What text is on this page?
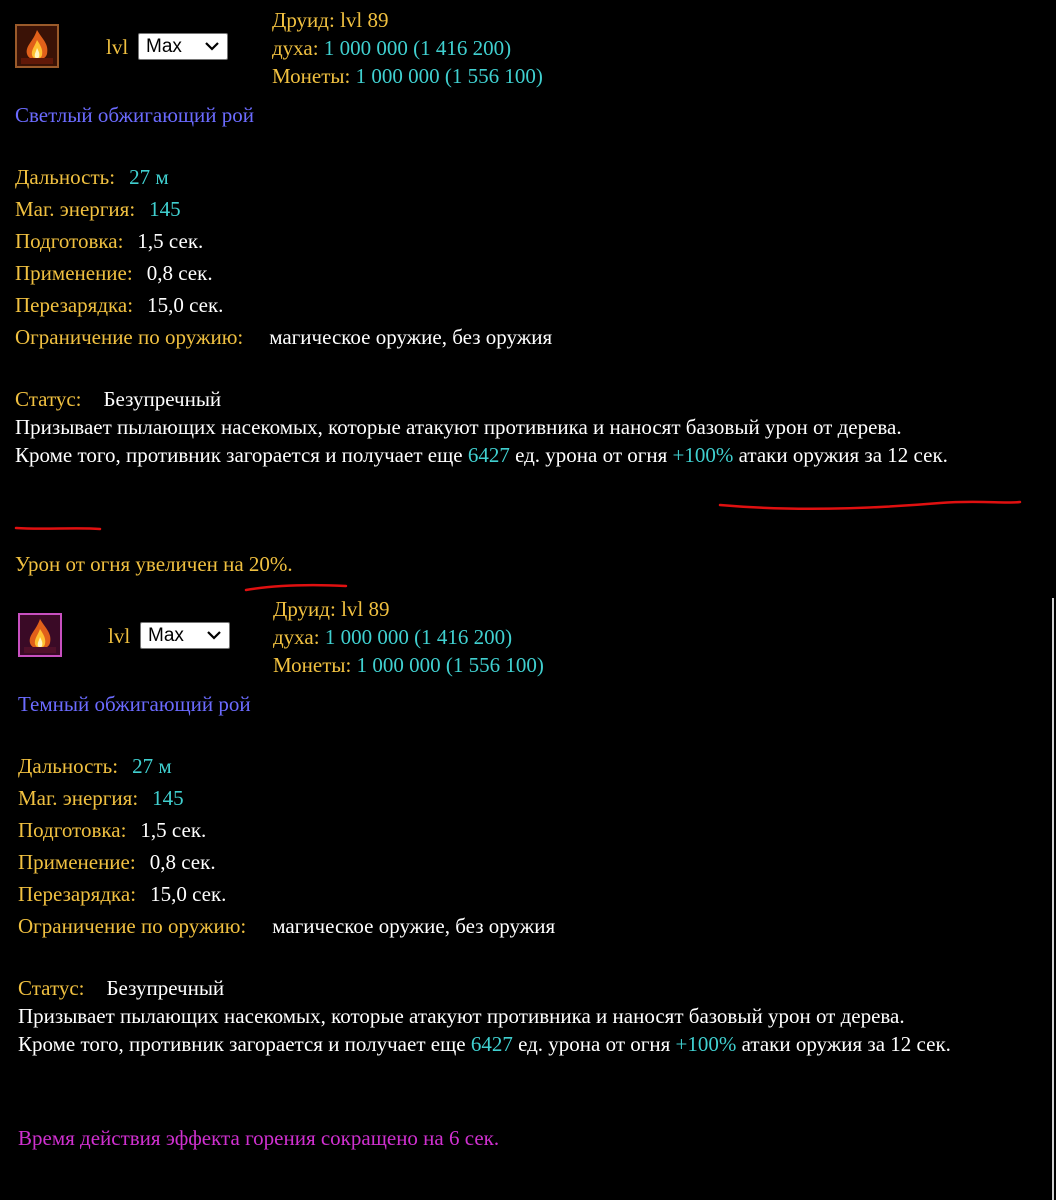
lvl Max
Друид: lvl 89
духа: 1 000 000 (1 416 200)
Монеты: 1 000 000 (1 556 100)
Светлый обжигающий рой
Дальность: 27 м
Маг. энергия: 145
Подготовка: 1,5 сек.
Применение: 0,8 сек.
Перезарядка: 15,0 сек.
Ограничение по оружию: магическое оружие, без оружия
Статус: Безупречный

Призывает пылающих насекомых, которые атакуют противника и наносят базовый урон от дерева.

Кроме того, противник загорается и получает еще 6427 ед. урона от огня +100% атаки оружия за 12 сек.

Урон от огня увеличен на 20%.
lvl Max
Друид: lvl 89
духа: 1 000 000 (1 416 200)
Монеты: 1 000 000 (1 556 100)
Темный обжигающий рой
Дальность: 27 м
Маг. энергия: 145
Подготовка: 1,5 сек.
Применение: 0,8 сек.
Перезарядка: 15,0 сек.
Ограничение по оружию: магическое оружие, без оружия
Статус: Безупречный

Призывает пылающих насекомых, которые атакуют противника и наносят базовый урон от дерева.

Кроме того, противник загорается и получает еще 6427 ед. урона от огня +100% атаки оружия за 12 сек.

Время действия эффекта горения сокращено на 6 сек.
